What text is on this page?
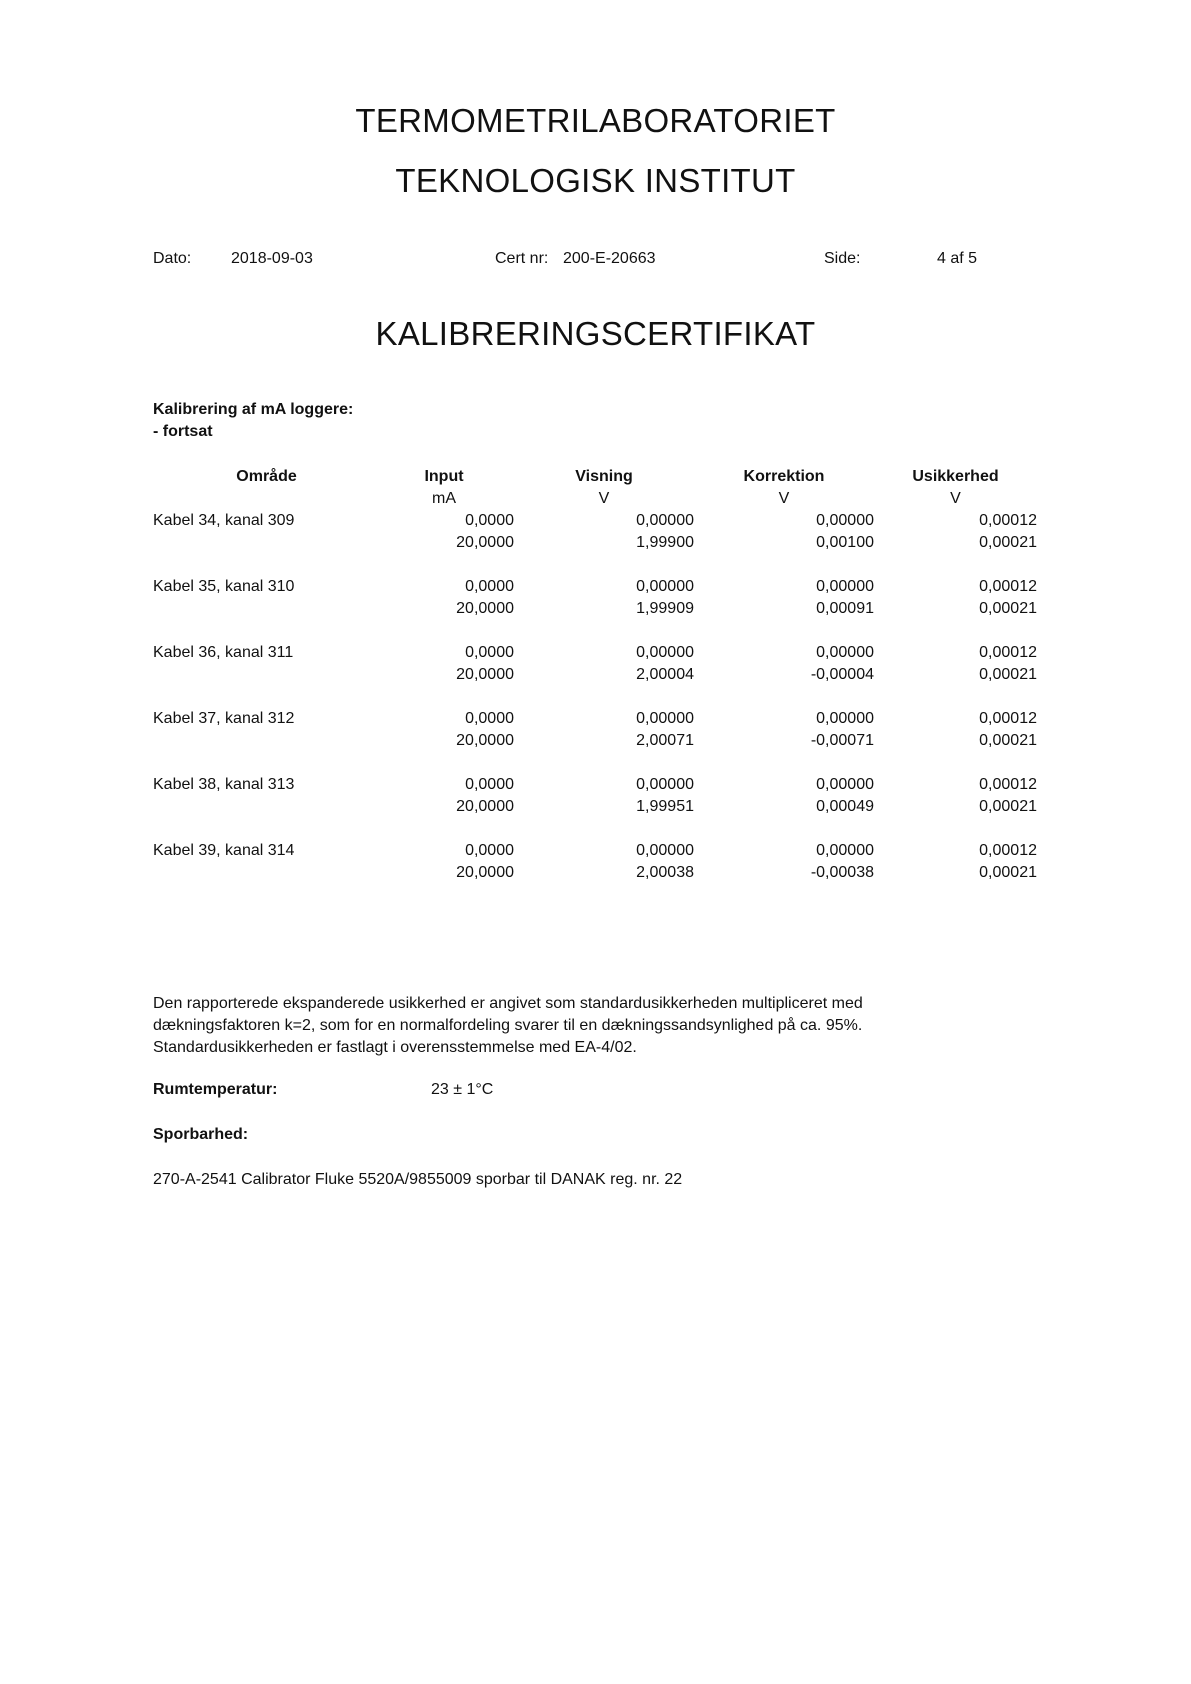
TERMOMETRILABORATORIET
TEKNOLOGISK INSTITUT
Dato: 2018-09-03	Cert nr: 200-E-20663	Side:	4 af 5
KALIBRERINGSCERTIFIKAT
Kalibrering af mA loggere:
- fortsat
Område	Input	Visning	Korrektion	Usikkerhed
	mA	V	V	V
Kabel 34, kanal 309	0,0000	0,00000	0,00000	0,00012
	20,0000	1,99900	0,00100	0,00021

Kabel 35, kanal 310	0,0000	0,00000	0,00000	0,00012
	20,0000	1,99909	0,00091	0,00021

Kabel 36, kanal 311	0,0000	0,00000	0,00000	0,00012
	20,0000	2,00004	-0,00004	0,00021

Kabel 37, kanal 312	0,0000	0,00000	0,00000	0,00012
	20,0000	2,00071	-0,00071	0,00021

Kabel 38, kanal 313	0,0000	0,00000	0,00000	0,00012
	20,0000	1,99951	0,00049	0,00021

Kabel 39, kanal 314	0,0000	0,00000	0,00000	0,00012
	20,0000	2,00038	-0,00038	0,00021
Den rapporterede ekspanderede usikkerhed er angivet som standardusikkerheden multipliceret med
dækningsfaktoren k=2, som for en normalfordeling svarer til en dækningssandsynlighed på ca. 95%.
Standardusikkerheden er fastlagt i overensstemmelse med EA-4/02.
Rumtemperatur:	23 ± 1°C
Sporbarhed:
270-A-2541 Calibrator Fluke 5520A/9855009 sporbar til DANAK reg. nr. 22
